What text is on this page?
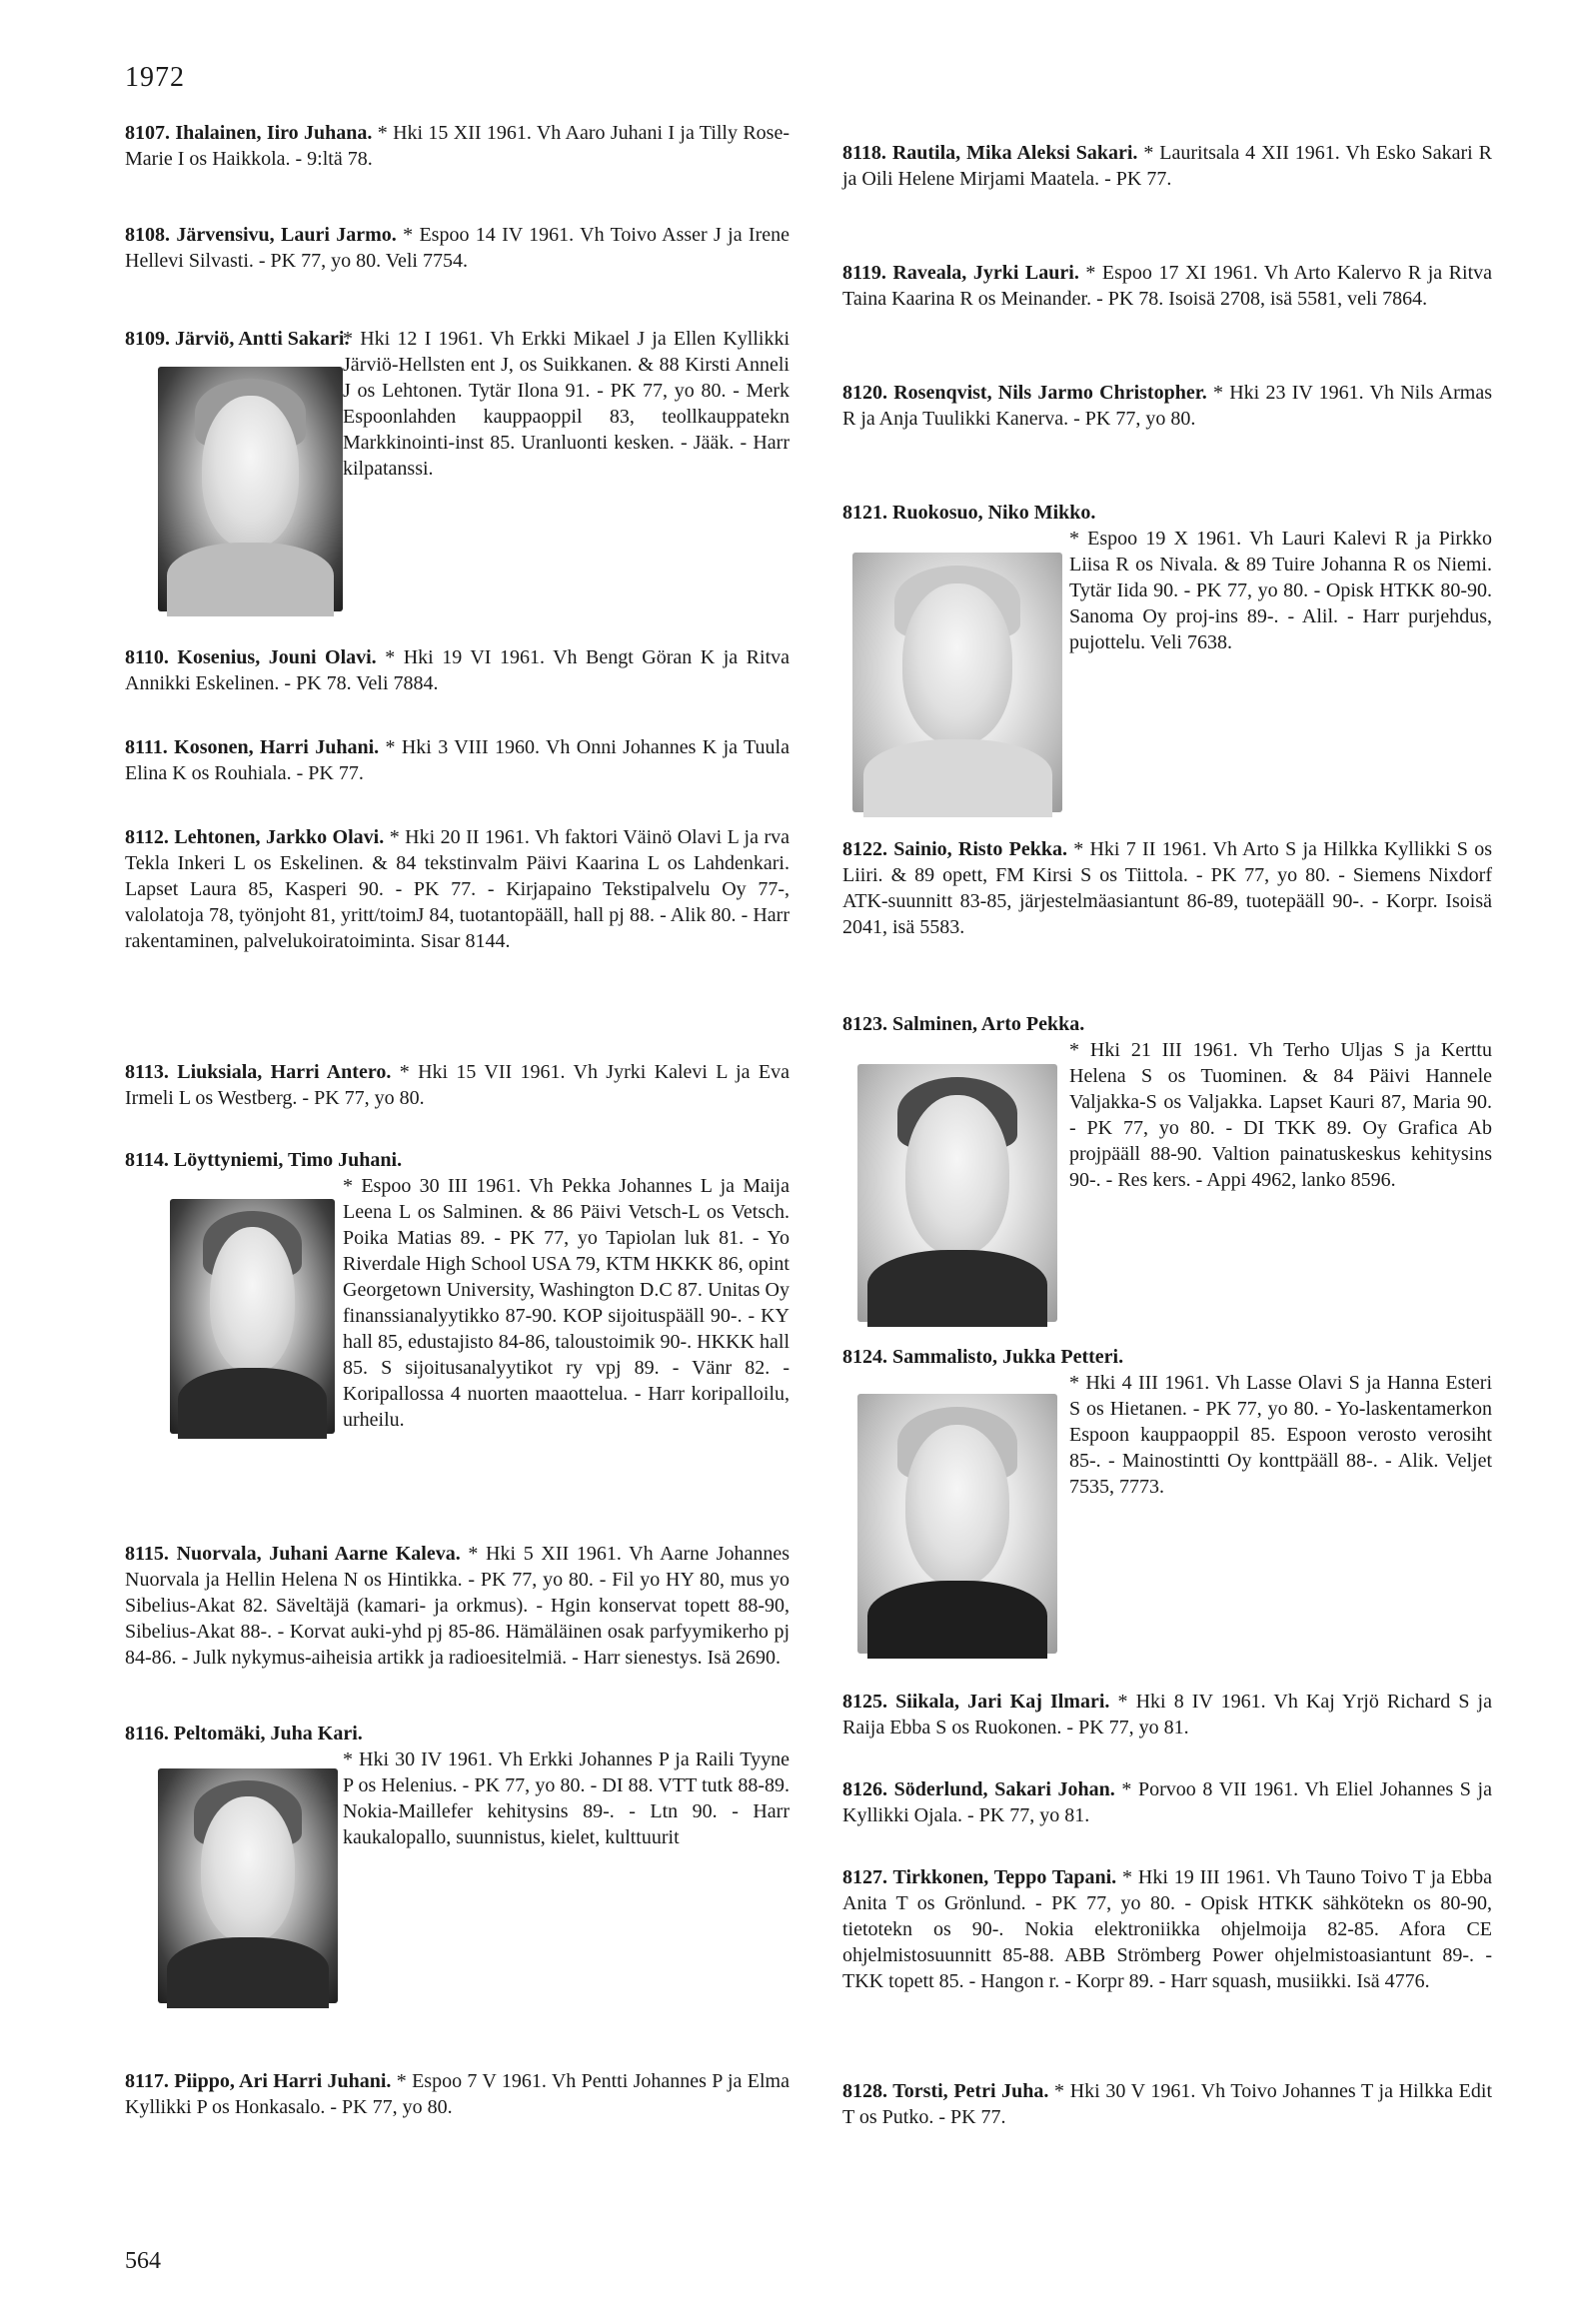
1972
8107. Ihalainen, Iiro Juhana. * Hki 15 XII 1961. Vh Aaro Juhani I ja Tilly Rose-Marie I os Haikkola. - 9:ltä 78.
8108. Järvensivu, Lauri Jarmo. * Espoo 14 IV 1961. Vh Toivo Asser J ja Irene Hellevi Silvasti. - PK 77, yo 80. Veli 7754.
8109. Järviö, Antti Sakari.
* Hki 12 I 1961. Vh Erkki Mikael J ja Ellen Kyllikki Järviö-Hellsten ent J, os Suikkanen. & 88 Kirsti Anneli J os Lehtonen. Tytär Ilona 91. - PK 77, yo 80. - Merk Espoonlahden kauppaoppil 83, teollkauppatekn Markkinointi-inst 85. Uranluonti kesken. - Jääk. - Harr kilpatanssi.
8110. Kosenius, Jouni Olavi. * Hki 19 VI 1961. Vh Bengt Göran K ja Ritva Annikki Eskelinen. - PK 78. Veli 7884.
8111. Kosonen, Harri Juhani. * Hki 3 VIII 1960. Vh Onni Johannes K ja Tuula Elina K os Rouhiala. - PK 77.
8112. Lehtonen, Jarkko Olavi. * Hki 20 II 1961. Vh faktori Väinö Olavi L ja rva Tekla Inkeri L os Eskelinen. & 84 tekstinvalm Päivi Kaarina L os Lahdenkari. Lapset Laura 85, Kasperi 90. - PK 77. - Kirjapaino Tekstipalvelu Oy 77-, valolatoja 78, työnjoht 81, yritt/toimJ 84, tuotantopääll, hall pj 88. - Alik 80. - Harr rakentaminen, palvelukoiratoiminta. Sisar 8144.
8113. Liuksiala, Harri Antero. * Hki 15 VII 1961. Vh Jyrki Kalevi L ja Eva Irmeli L os Westberg. - PK 77, yo 80.
8114. Löyttyniemi, Timo Juhani.
* Espoo 30 III 1961. Vh Pekka Johannes L ja Maija Leena L os Salminen. & 86 Päivi Vetsch-L os Vetsch. Poika Matias 89. - PK 77, yo Tapiolan luk 81. - Yo Riverdale High School USA 79, KTM HKKK 86, opint Georgetown University, Washington D.C 87. Unitas Oy finanssianalyytikko 87-90. KOP sijoituspääll 90-. - KY hall 85, edustajisto 84-86, taloustoimik 90-. HKKK hall 85. S sijoitusanalyytikot ry vpj 89. - Vänr 82. - Koripallossa 4 nuorten maaottelua. - Harr koripalloilu, urheilu.
8115. Nuorvala, Juhani Aarne Kaleva. * Hki 5 XII 1961. Vh Aarne Johannes Nuorvala ja Hellin Helena N os Hintikka. - PK 77, yo 80. - Fil yo HY 80, mus yo Sibelius-Akat 82. Säveltäjä (kamari- ja orkmus). - Hgin konservat topett 88-90, Sibelius-Akat 88-. - Korvat auki-yhd pj 85-86. Hämäläinen osak parfyymikerho pj 84-86. - Julk nykymus-aiheisia artikk ja radioesitelmiä. - Harr sienestys. Isä 2690.
8116. Peltomäki, Juha Kari.
* Hki 30 IV 1961. Vh Erkki Johannes P ja Raili Tyyne P os Helenius. - PK 77, yo 80. - DI 88. VTT tutk 88-89. Nokia-Maillefer kehitysins 89-. - Ltn 90. - Harr kaukalopallo, suunnistus, kielet, kulttuurit
8117. Piippo, Ari Harri Juhani. * Espoo 7 V 1961. Vh Pentti Johannes P ja Elma Kyllikki P os Honkasalo. - PK 77, yo 80.
8118. Rautila, Mika Aleksi Sakari. * Lauritsala 4 XII 1961. Vh Esko Sakari R ja Oili Helene Mirjami Maatela. - PK 77.
8119. Raveala, Jyrki Lauri. * Espoo 17 XI 1961. Vh Arto Kalervo R ja Ritva Taina Kaarina R os Meinander. - PK 78. Isoisä 2708, isä 5581, veli 7864.
8120. Rosenqvist, Nils Jarmo Christopher. * Hki 23 IV 1961. Vh Nils Armas R ja Anja Tuulikki Kanerva. - PK 77, yo 80.
8121. Ruokosuo, Niko Mikko.
* Espoo 19 X 1961. Vh Lauri Kalevi R ja Pirkko Liisa R os Nivala. & 89 Tuire Johanna R os Niemi. Tytär Iida 90. - PK 77, yo 80. - Opisk HTKK 80-90. Sanoma Oy proj-ins 89-. - Alil. - Harr purjehdus, pujottelu. Veli 7638.
8122. Sainio, Risto Pekka. * Hki 7 II 1961. Vh Arto S ja Hilkka Kyllikki S os Liiri. & 89 opett, FM Kirsi S os Tiittola. - PK 77, yo 80. - Siemens Nixdorf ATK-suunnitt 83-85, järjestelmäasiantunt 86-89, tuotepääll 90-. - Korpr. Isoisä 2041, isä 5583.
8123. Salminen, Arto Pekka.
* Hki 21 III 1961. Vh Terho Uljas S ja Kerttu Helena S os Tuominen. & 84 Päivi Hannele Valjakka-S os Valjakka. Lapset Kauri 87, Maria 90. - PK 77, yo 80. - DI TKK 89. Oy Grafica Ab projpääll 88-90. Valtion painatuskeskus kehitysins 90-. - Res kers. - Appi 4962, lanko 8596.
8124. Sammalisto, Jukka Petteri.
* Hki 4 III 1961. Vh Lasse Olavi S ja Hanna Esteri S os Hietanen. - PK 77, yo 80. - Yo-laskentamerkon Espoon kauppaoppil 85. Espoon verosto verosiht 85-. - Mainostintti Oy konttpääll 88-. - Alik. Veljet 7535, 7773.
8125. Siikala, Jari Kaj Ilmari. * Hki 8 IV 1961. Vh Kaj Yrjö Richard S ja Raija Ebba S os Ruokonen. - PK 77, yo 81.
8126. Söderlund, Sakari Johan. * Porvoo 8 VII 1961. Vh Eliel Johannes S ja Kyllikki Ojala. - PK 77, yo 81.
8127. Tirkkonen, Teppo Tapani. * Hki 19 III 1961. Vh Tauno Toivo T ja Ebba Anita T os Grönlund. - PK 77, yo 80. - Opisk HTKK sähkötekn os 80-90, tietotekn os 90-. Nokia elektroniikka ohjelmoija 82-85. Afora CE ohjelmistosuunnitt 85-88. ABB Strömberg Power ohjelmistoasiantunt 89-. - TKK topett 85. - Hangon r. - Korpr 89. - Harr squash, musiikki. Isä 4776.
8128. Torsti, Petri Juha. * Hki 30 V 1961. Vh Toivo Johannes T ja Hilkka Edit T os Putko. - PK 77.
564
